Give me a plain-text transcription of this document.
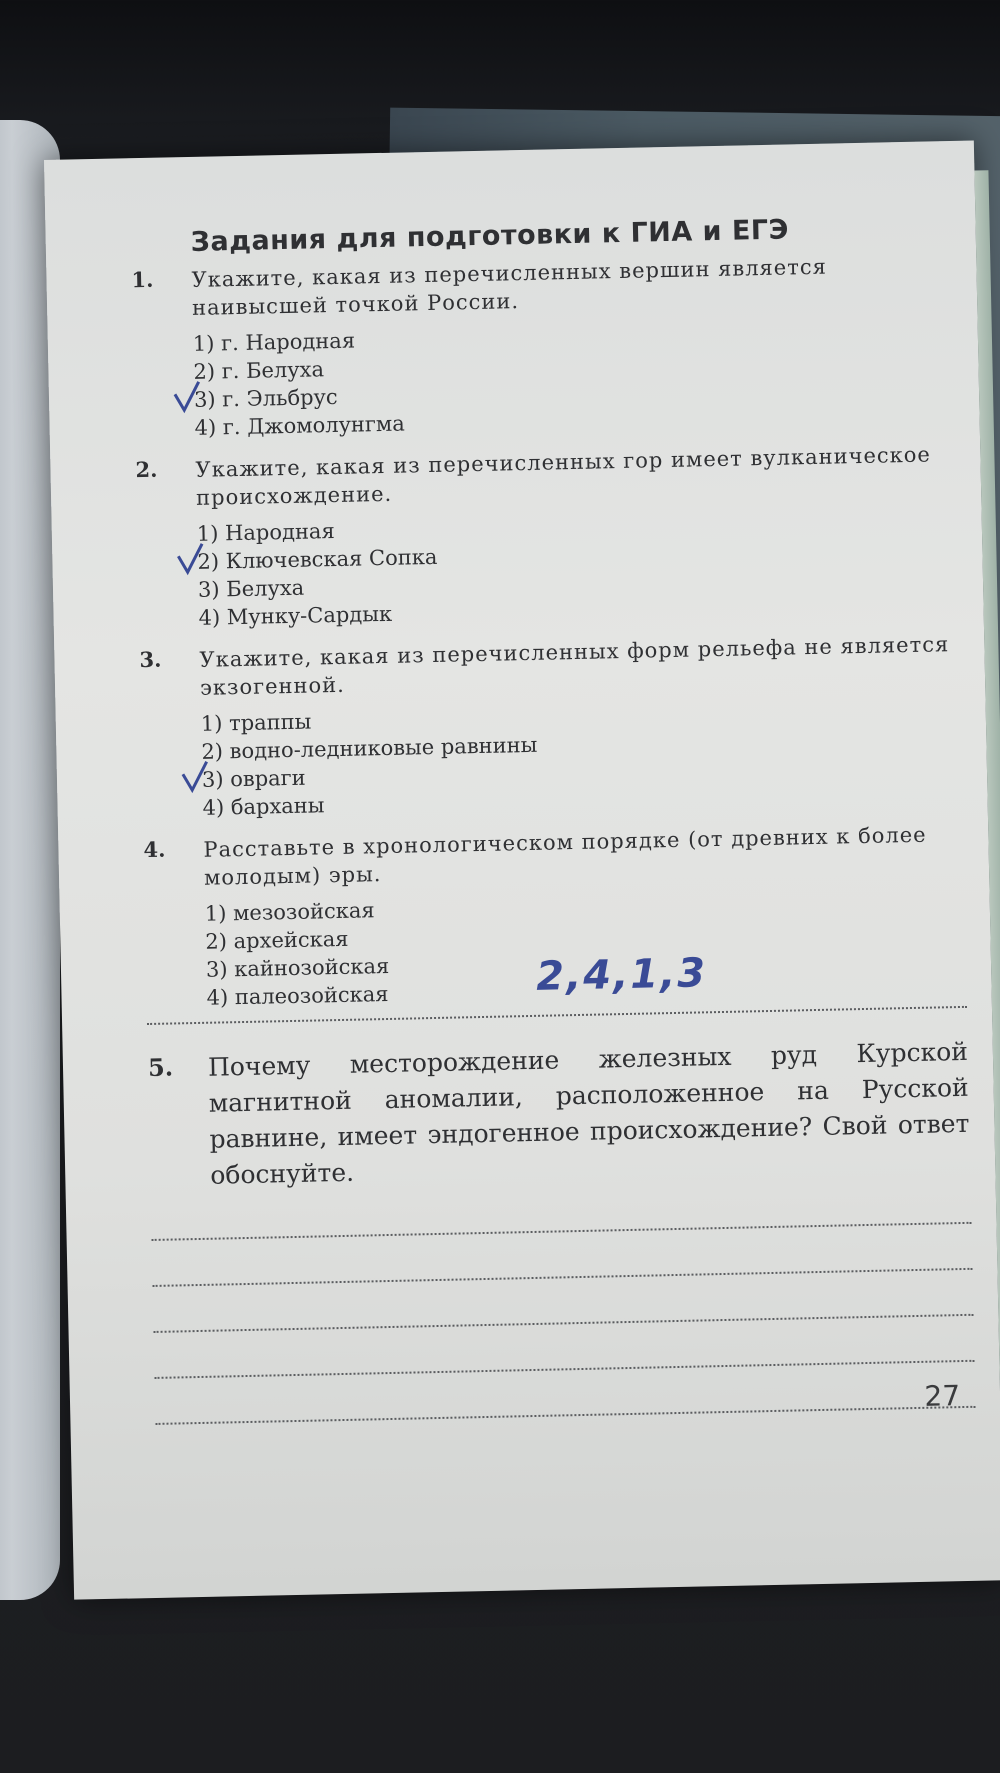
Задания для подготовки к ГИА и ЕГЭ
1. Укажите, какая из перечисленных вершин является наивысшей точкой России.
1) г. Народная
2) г. Белуха
3) г. Эльбрус
4) г. Джомолунгма
2. Укажите, какая из перечисленных гор имеет вулканическое происхождение.
1) Народная
2) Ключевская Сопка
3) Белуха
4) Мунку-Сардык
3. Укажите, какая из перечисленных форм рельефа не является экзогенной.
1) траппы
2) водно-ледниковые равнины
3) овраги
4) барханы
4. Расставьте в хронологическом порядке (от древних к более молодым) эры.
1) мезозойская
2) архейская
3) кайнозойская
4) палеозойская	2,4,1,3
5. Почему месторождение железных руд Курской магнитной аномалии, расположенное на Русской равнине, имеет эндогенное происхождение? Свой ответ обоснуйте.
27
